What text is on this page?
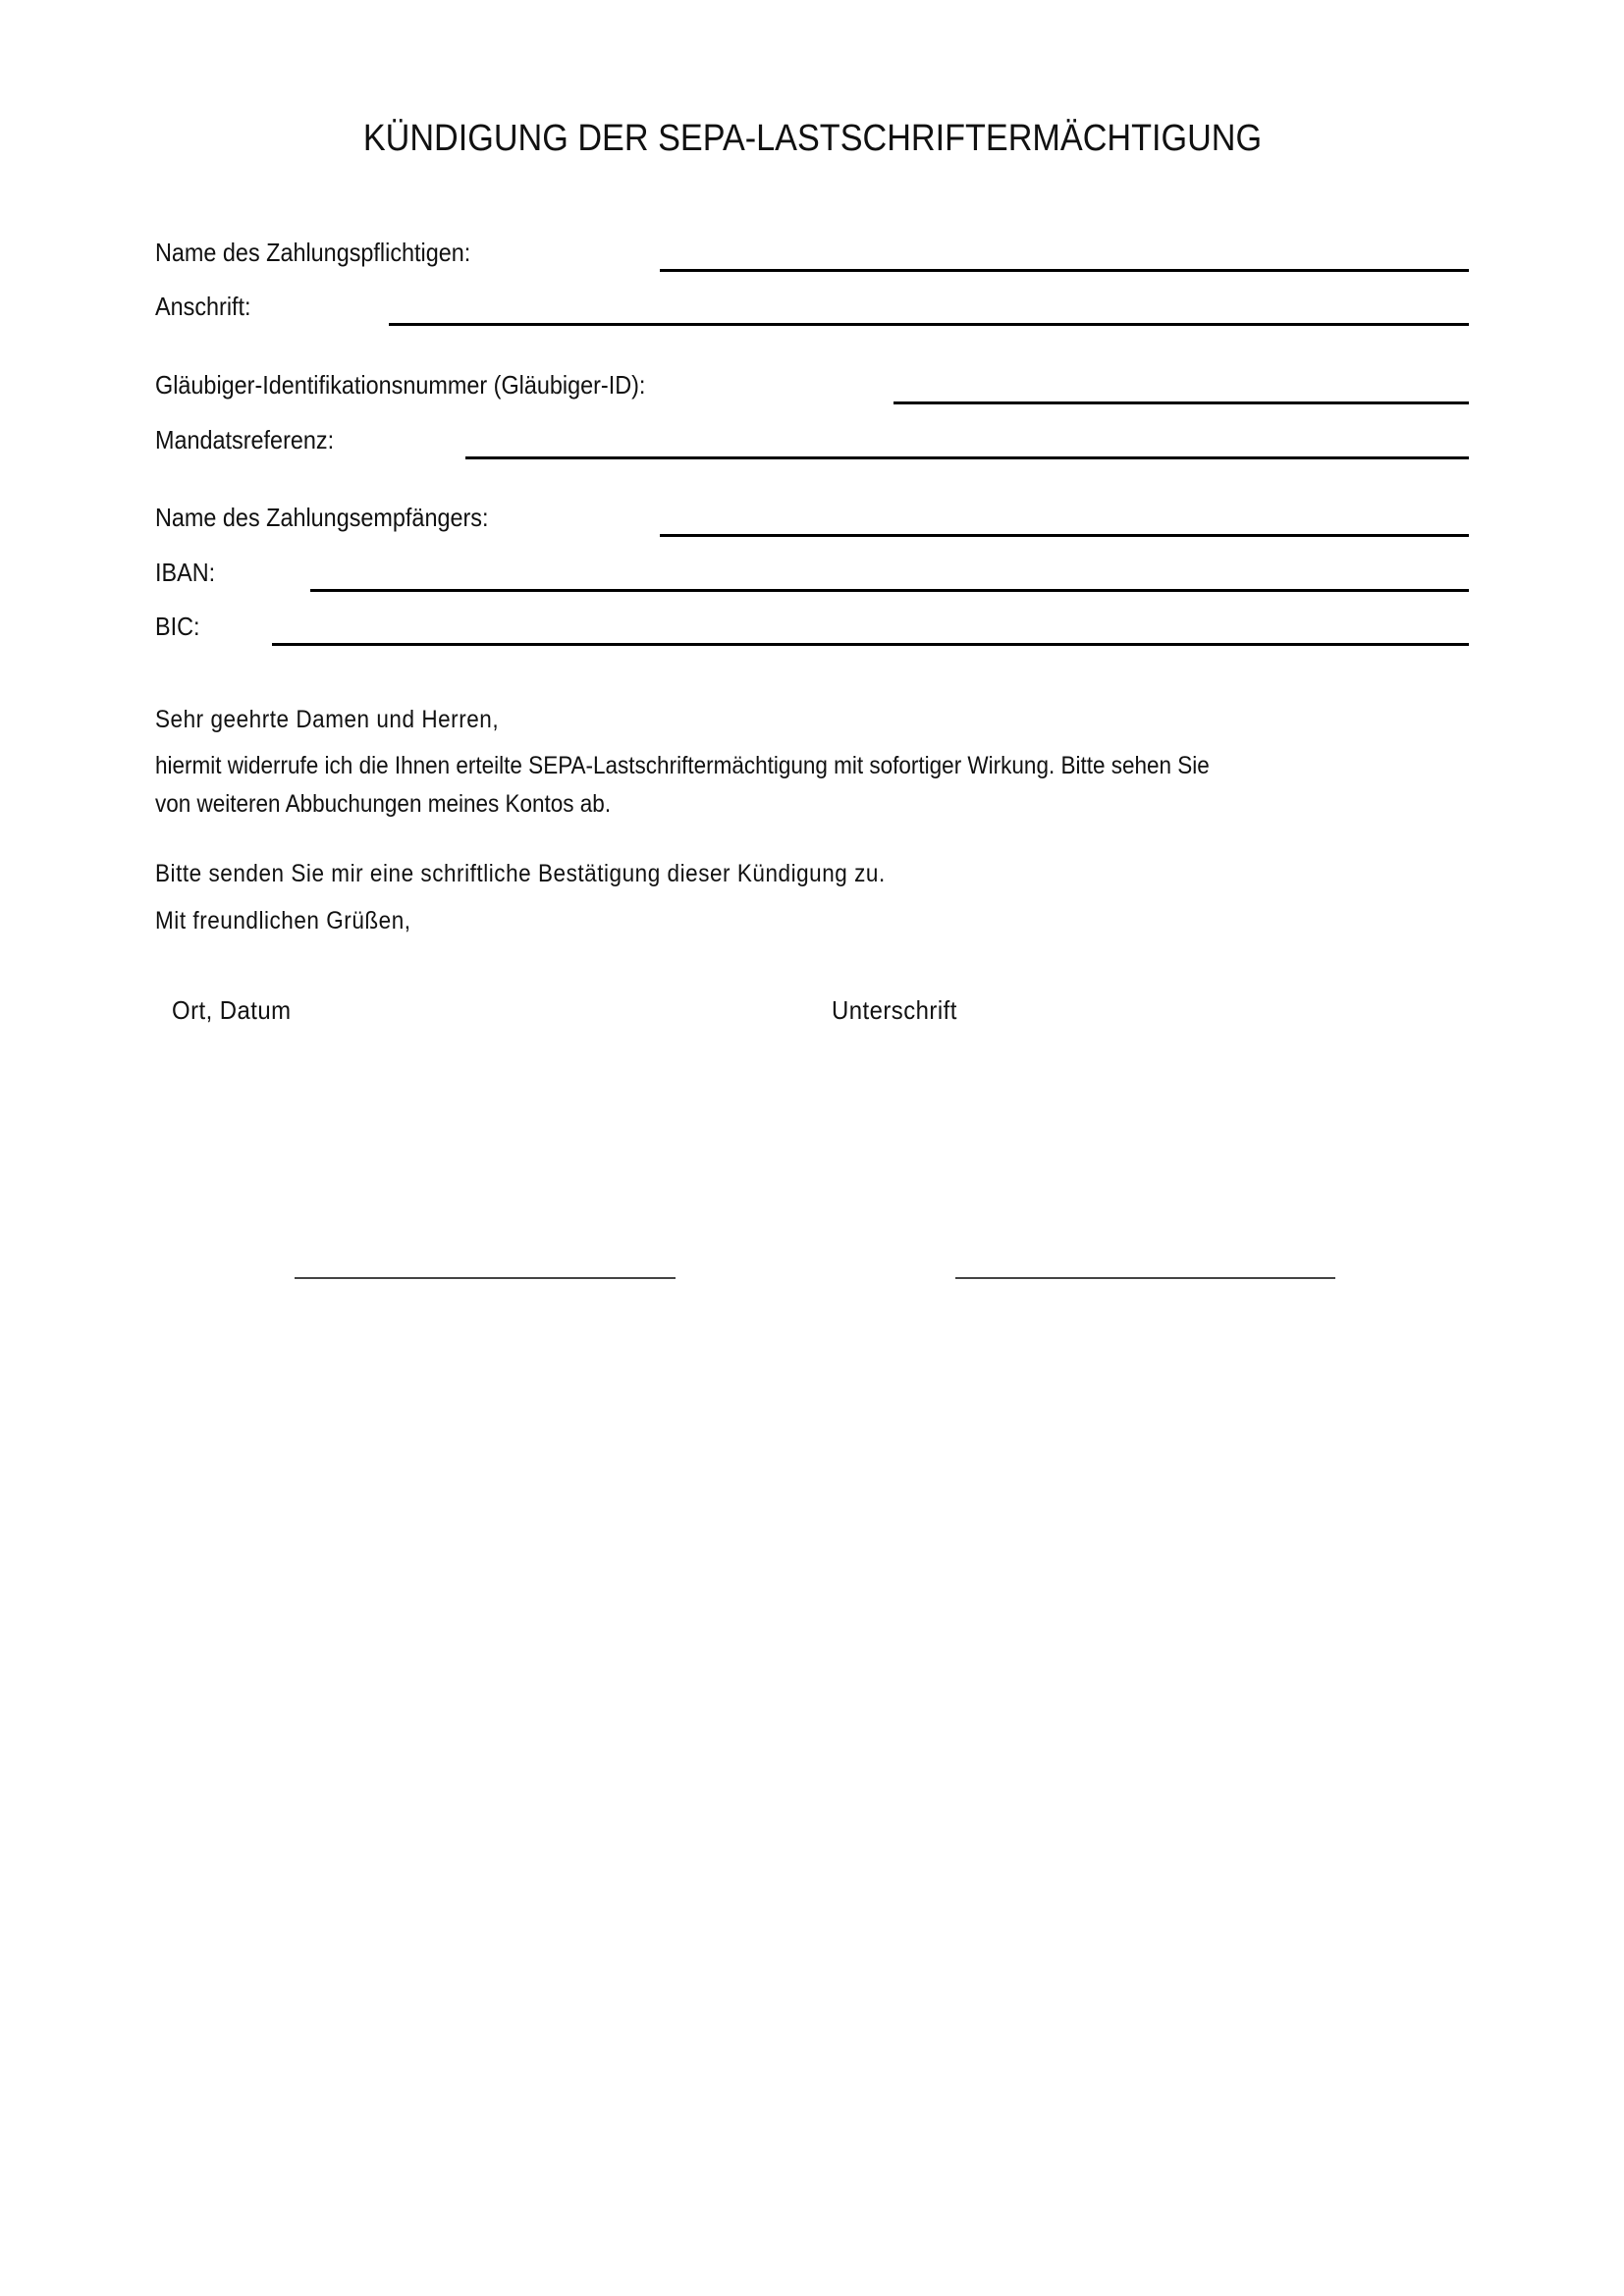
KÜNDIGUNG DER SEPA-LASTSCHRIFTERMÄCHTIGUNG
Name des Zahlungspflichtigen:
Anschrift:
Gläubiger-Identifikationsnummer (Gläubiger-ID):
Mandatsreferenz:
Name des Zahlungsempfängers:
IBAN:
BIC:
Sehr geehrte Damen und Herren,
hiermit widerrufe ich die Ihnen erteilte SEPA-Lastschriftermächtigung mit sofortiger Wirkung. Bitte sehen Sie
von weiteren Abbuchungen meines Kontos ab.
Bitte senden Sie mir eine schriftliche Bestätigung dieser Kündigung zu.
Mit freundlichen Grüßen,
Ort, Datum	Unterschrift
